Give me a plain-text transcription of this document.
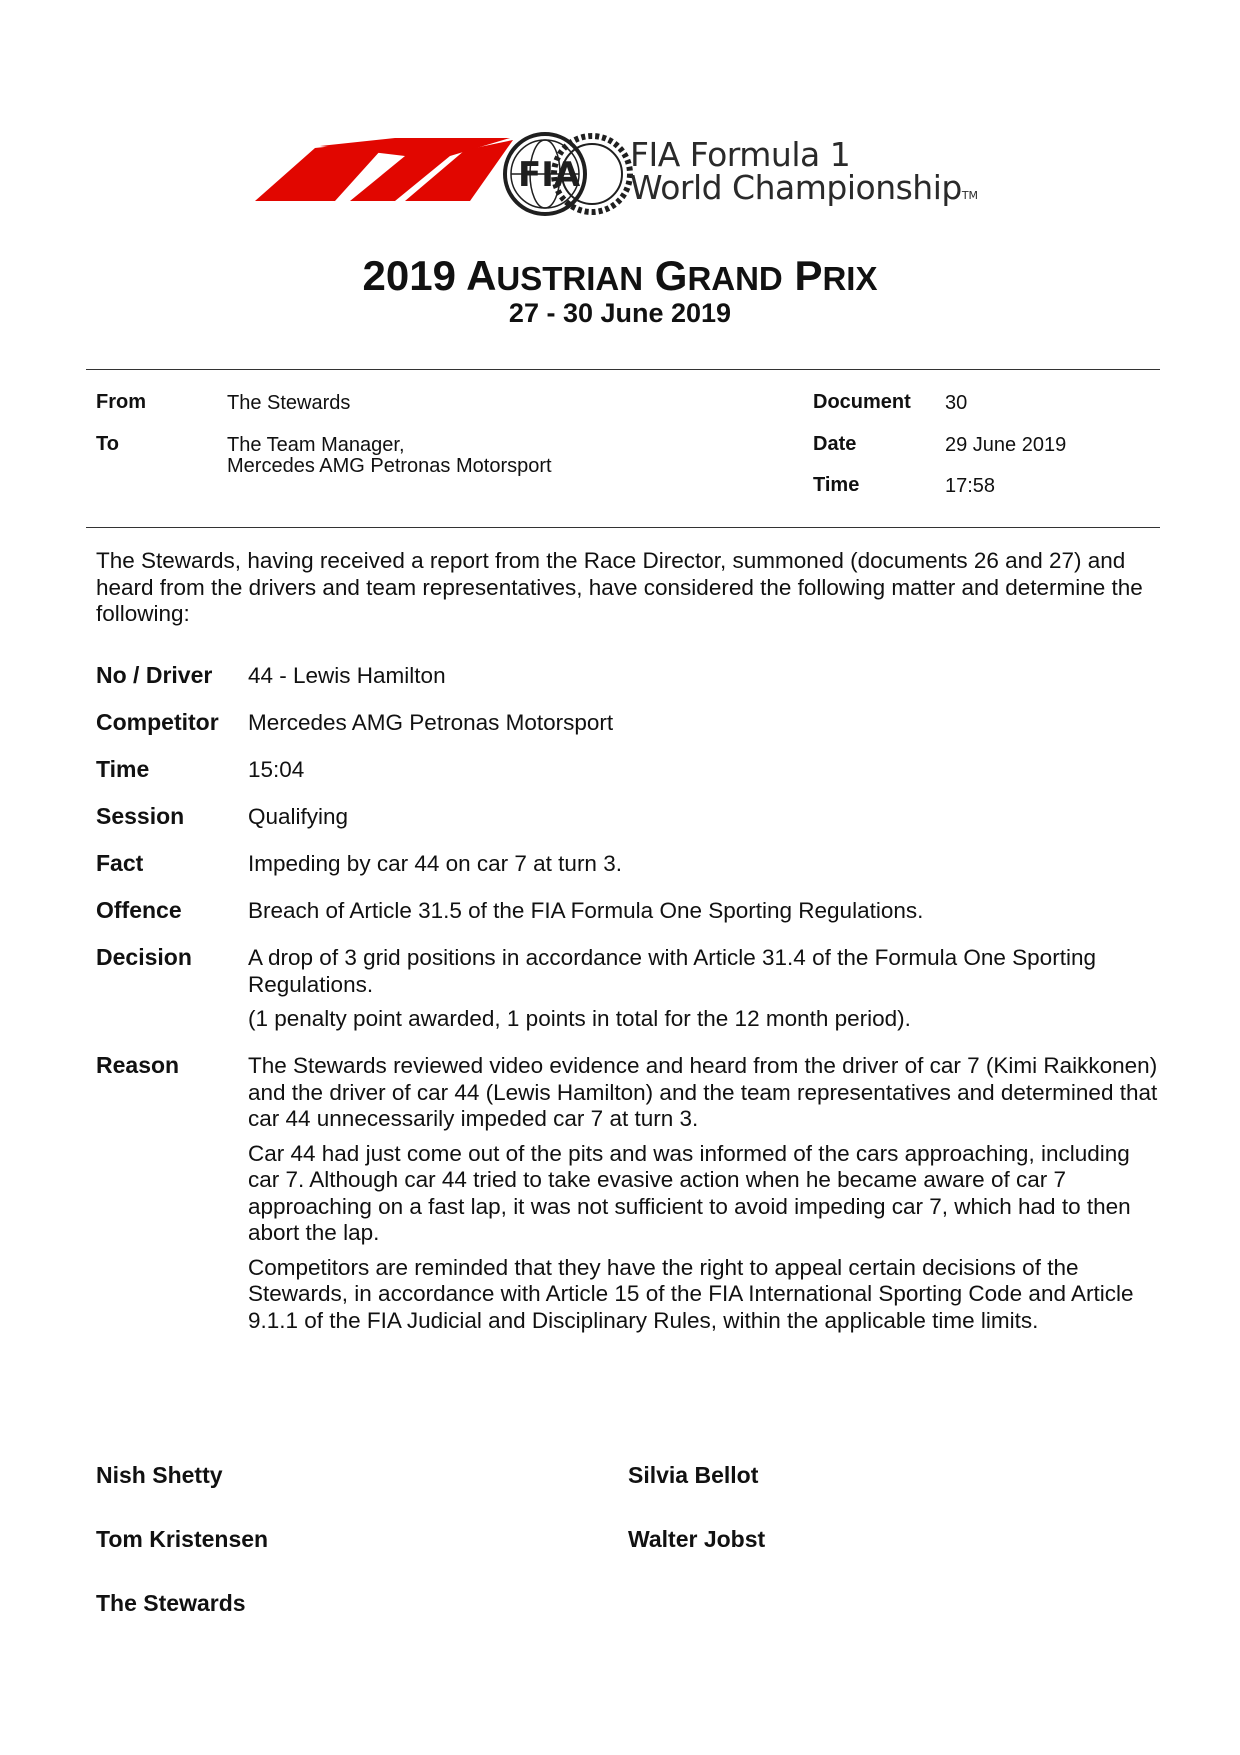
FIA
FIA Formula 1
World ChampionshipTM
2019 AUSTRIAN GRAND PRIX
27 - 30 June 2019
From	The Stewards
To	The Team Manager,
Mercedes AMG Petronas Motorsport
Document 30
Date	29 June 2019
Time	17:58
The Stewards, having received a report from the Race Director, summoned (documents 26 and 27) and heard from the drivers and team representatives, have considered the following matter and determine the following:
No / Driver 44 - Lewis Hamilton
Competitor Mercedes AMG Petronas Motorsport
Time	15:04
Session	Qualifying
Fact	Impeding by car 44 on car 7 at turn 3.
Offence	Breach of Article 31.5 of the FIA Formula One Sporting Regulations.
Decision A drop of 3 grid positions in accordance with Article 31.4 of the Formula One Sporting Regulations.

(1 penalty point awarded, 1 points in total for the 12 month period).

Reason	The Stewards reviewed video evidence and heard from the driver of car 7 (Kimi Raikkonen) and the driver of car 44 (Lewis Hamilton) and the team representatives and determined that car 44 unnecessarily impeded car 7 at turn 3.

Car 44 had just come out of the pits and was informed of the cars approaching, including car 7. Although car 44 tried to take evasive action when he became aware of car 7 approaching on a fast lap, it was not sufficient to avoid impeding car 7, which had to then abort the lap.

Competitors are reminded that they have the right to appeal certain decisions of the Stewards, in accordance with Article 15 of the FIA International Sporting Code and Article 9.1.1 of the FIA Judicial and Disciplinary Rules, within the applicable time limits.

Nish Shetty	Silvia Bellot
Tom Kristensen	Walter Jobst
The Stewards
